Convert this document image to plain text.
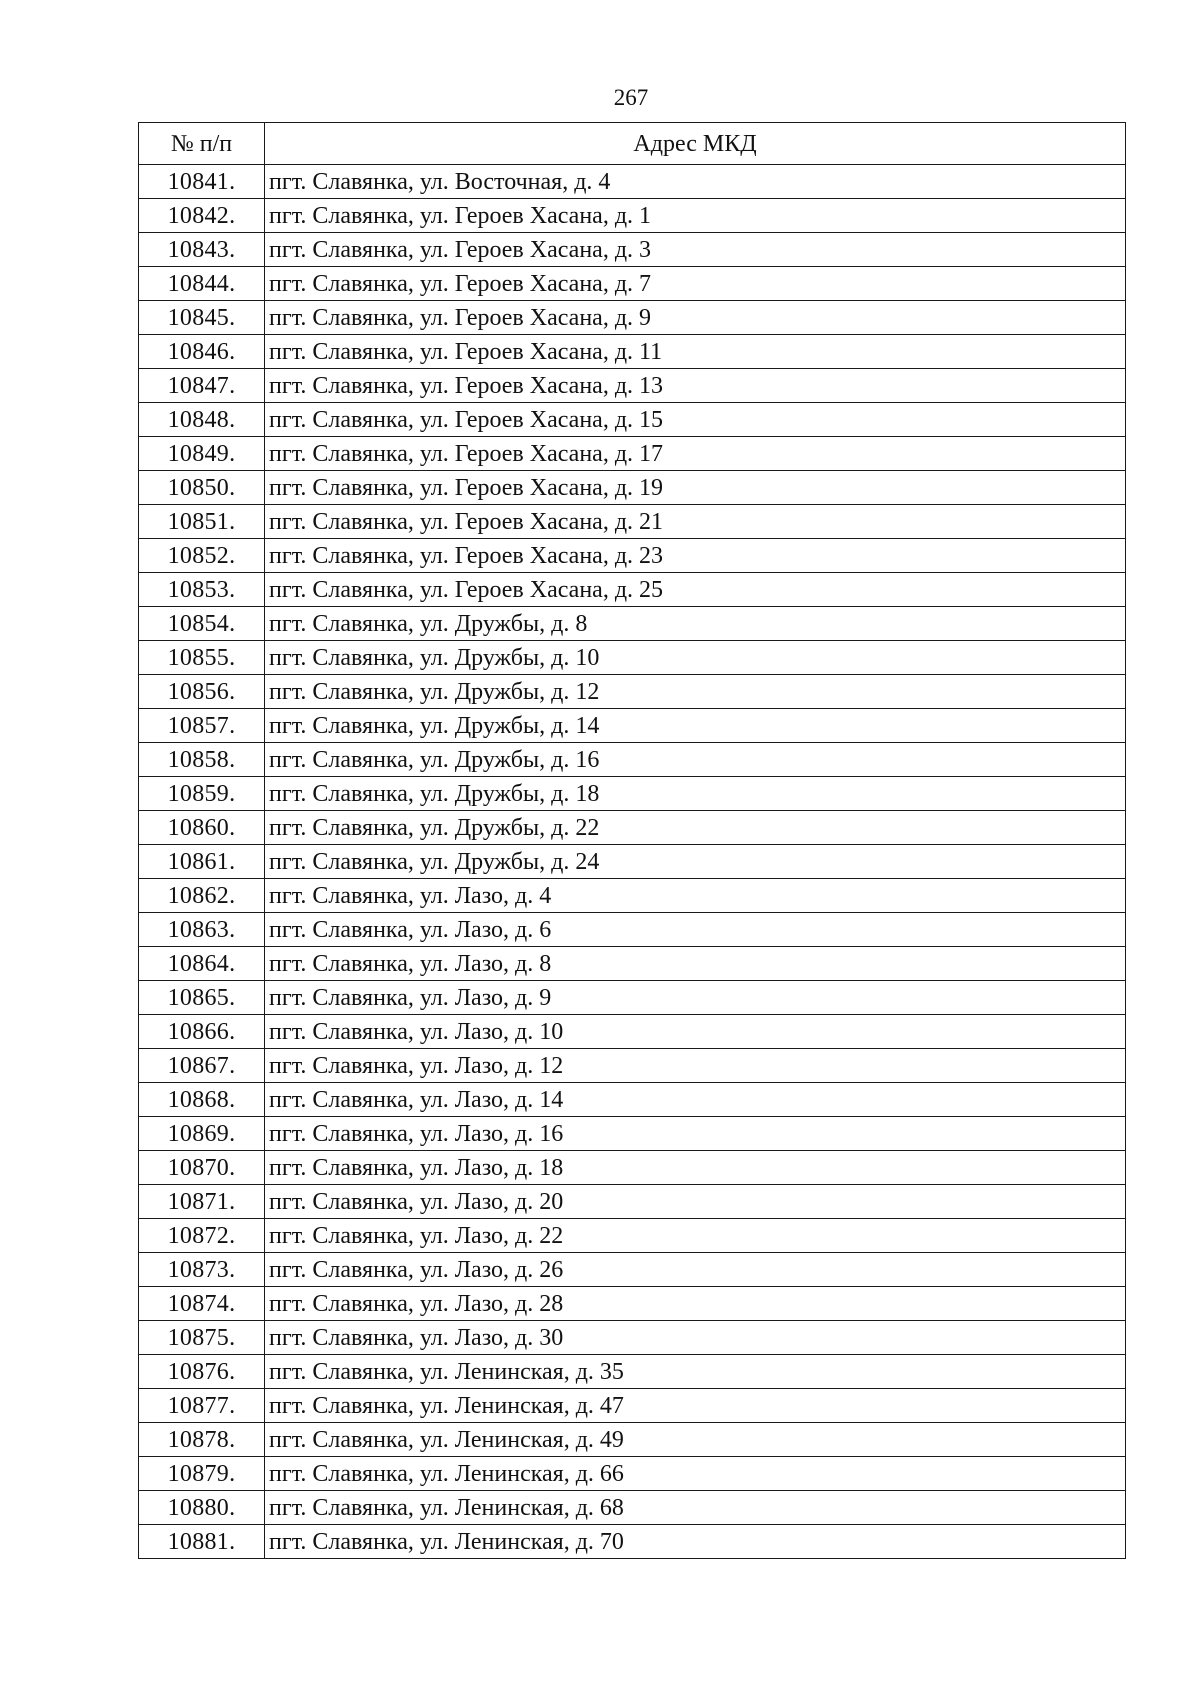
267
№ п/п	Адрес МКД
10841.	пгт. Славянка, ул. Восточная, д. 4
10842.	пгт. Славянка, ул. Героев Хасана, д. 1
10843.	пгт. Славянка, ул. Героев Хасана, д. 3
10844.	пгт. Славянка, ул. Героев Хасана, д. 7
10845.	пгт. Славянка, ул. Героев Хасана, д. 9
10846.	пгт. Славянка, ул. Героев Хасана, д. 11
10847.	пгт. Славянка, ул. Героев Хасана, д. 13
10848.	пгт. Славянка, ул. Героев Хасана, д. 15
10849.	пгт. Славянка, ул. Героев Хасана, д. 17
10850.	пгт. Славянка, ул. Героев Хасана, д. 19
10851.	пгт. Славянка, ул. Героев Хасана, д. 21
10852.	пгт. Славянка, ул. Героев Хасана, д. 23
10853.	пгт. Славянка, ул. Героев Хасана, д. 25
10854.	пгт. Славянка, ул. Дружбы, д. 8
10855.	пгт. Славянка, ул. Дружбы, д. 10
10856.	пгт. Славянка, ул. Дружбы, д. 12
10857.	пгт. Славянка, ул. Дружбы, д. 14
10858.	пгт. Славянка, ул. Дружбы, д. 16
10859.	пгт. Славянка, ул. Дружбы, д. 18
10860.	пгт. Славянка, ул. Дружбы, д. 22
10861.	пгт. Славянка, ул. Дружбы, д. 24
10862.	пгт. Славянка, ул. Лазо, д. 4
10863.	пгт. Славянка, ул. Лазо, д. 6
10864.	пгт. Славянка, ул. Лазо, д. 8
10865.	пгт. Славянка, ул. Лазо, д. 9
10866.	пгт. Славянка, ул. Лазо, д. 10
10867.	пгт. Славянка, ул. Лазо, д. 12
10868.	пгт. Славянка, ул. Лазо, д. 14
10869.	пгт. Славянка, ул. Лазо, д. 16
10870.	пгт. Славянка, ул. Лазо, д. 18
10871.	пгт. Славянка, ул. Лазо, д. 20
10872.	пгт. Славянка, ул. Лазо, д. 22
10873.	пгт. Славянка, ул. Лазо, д. 26
10874.	пгт. Славянка, ул. Лазо, д. 28
10875.	пгт. Славянка, ул. Лазо, д. 30
10876.	пгт. Славянка, ул. Ленинская, д. 35
10877.	пгт. Славянка, ул. Ленинская, д. 47
10878.	пгт. Славянка, ул. Ленинская, д. 49
10879.	пгт. Славянка, ул. Ленинская, д. 66
10880.	пгт. Славянка, ул. Ленинская, д. 68
10881.	пгт. Славянка, ул. Ленинская, д. 70
